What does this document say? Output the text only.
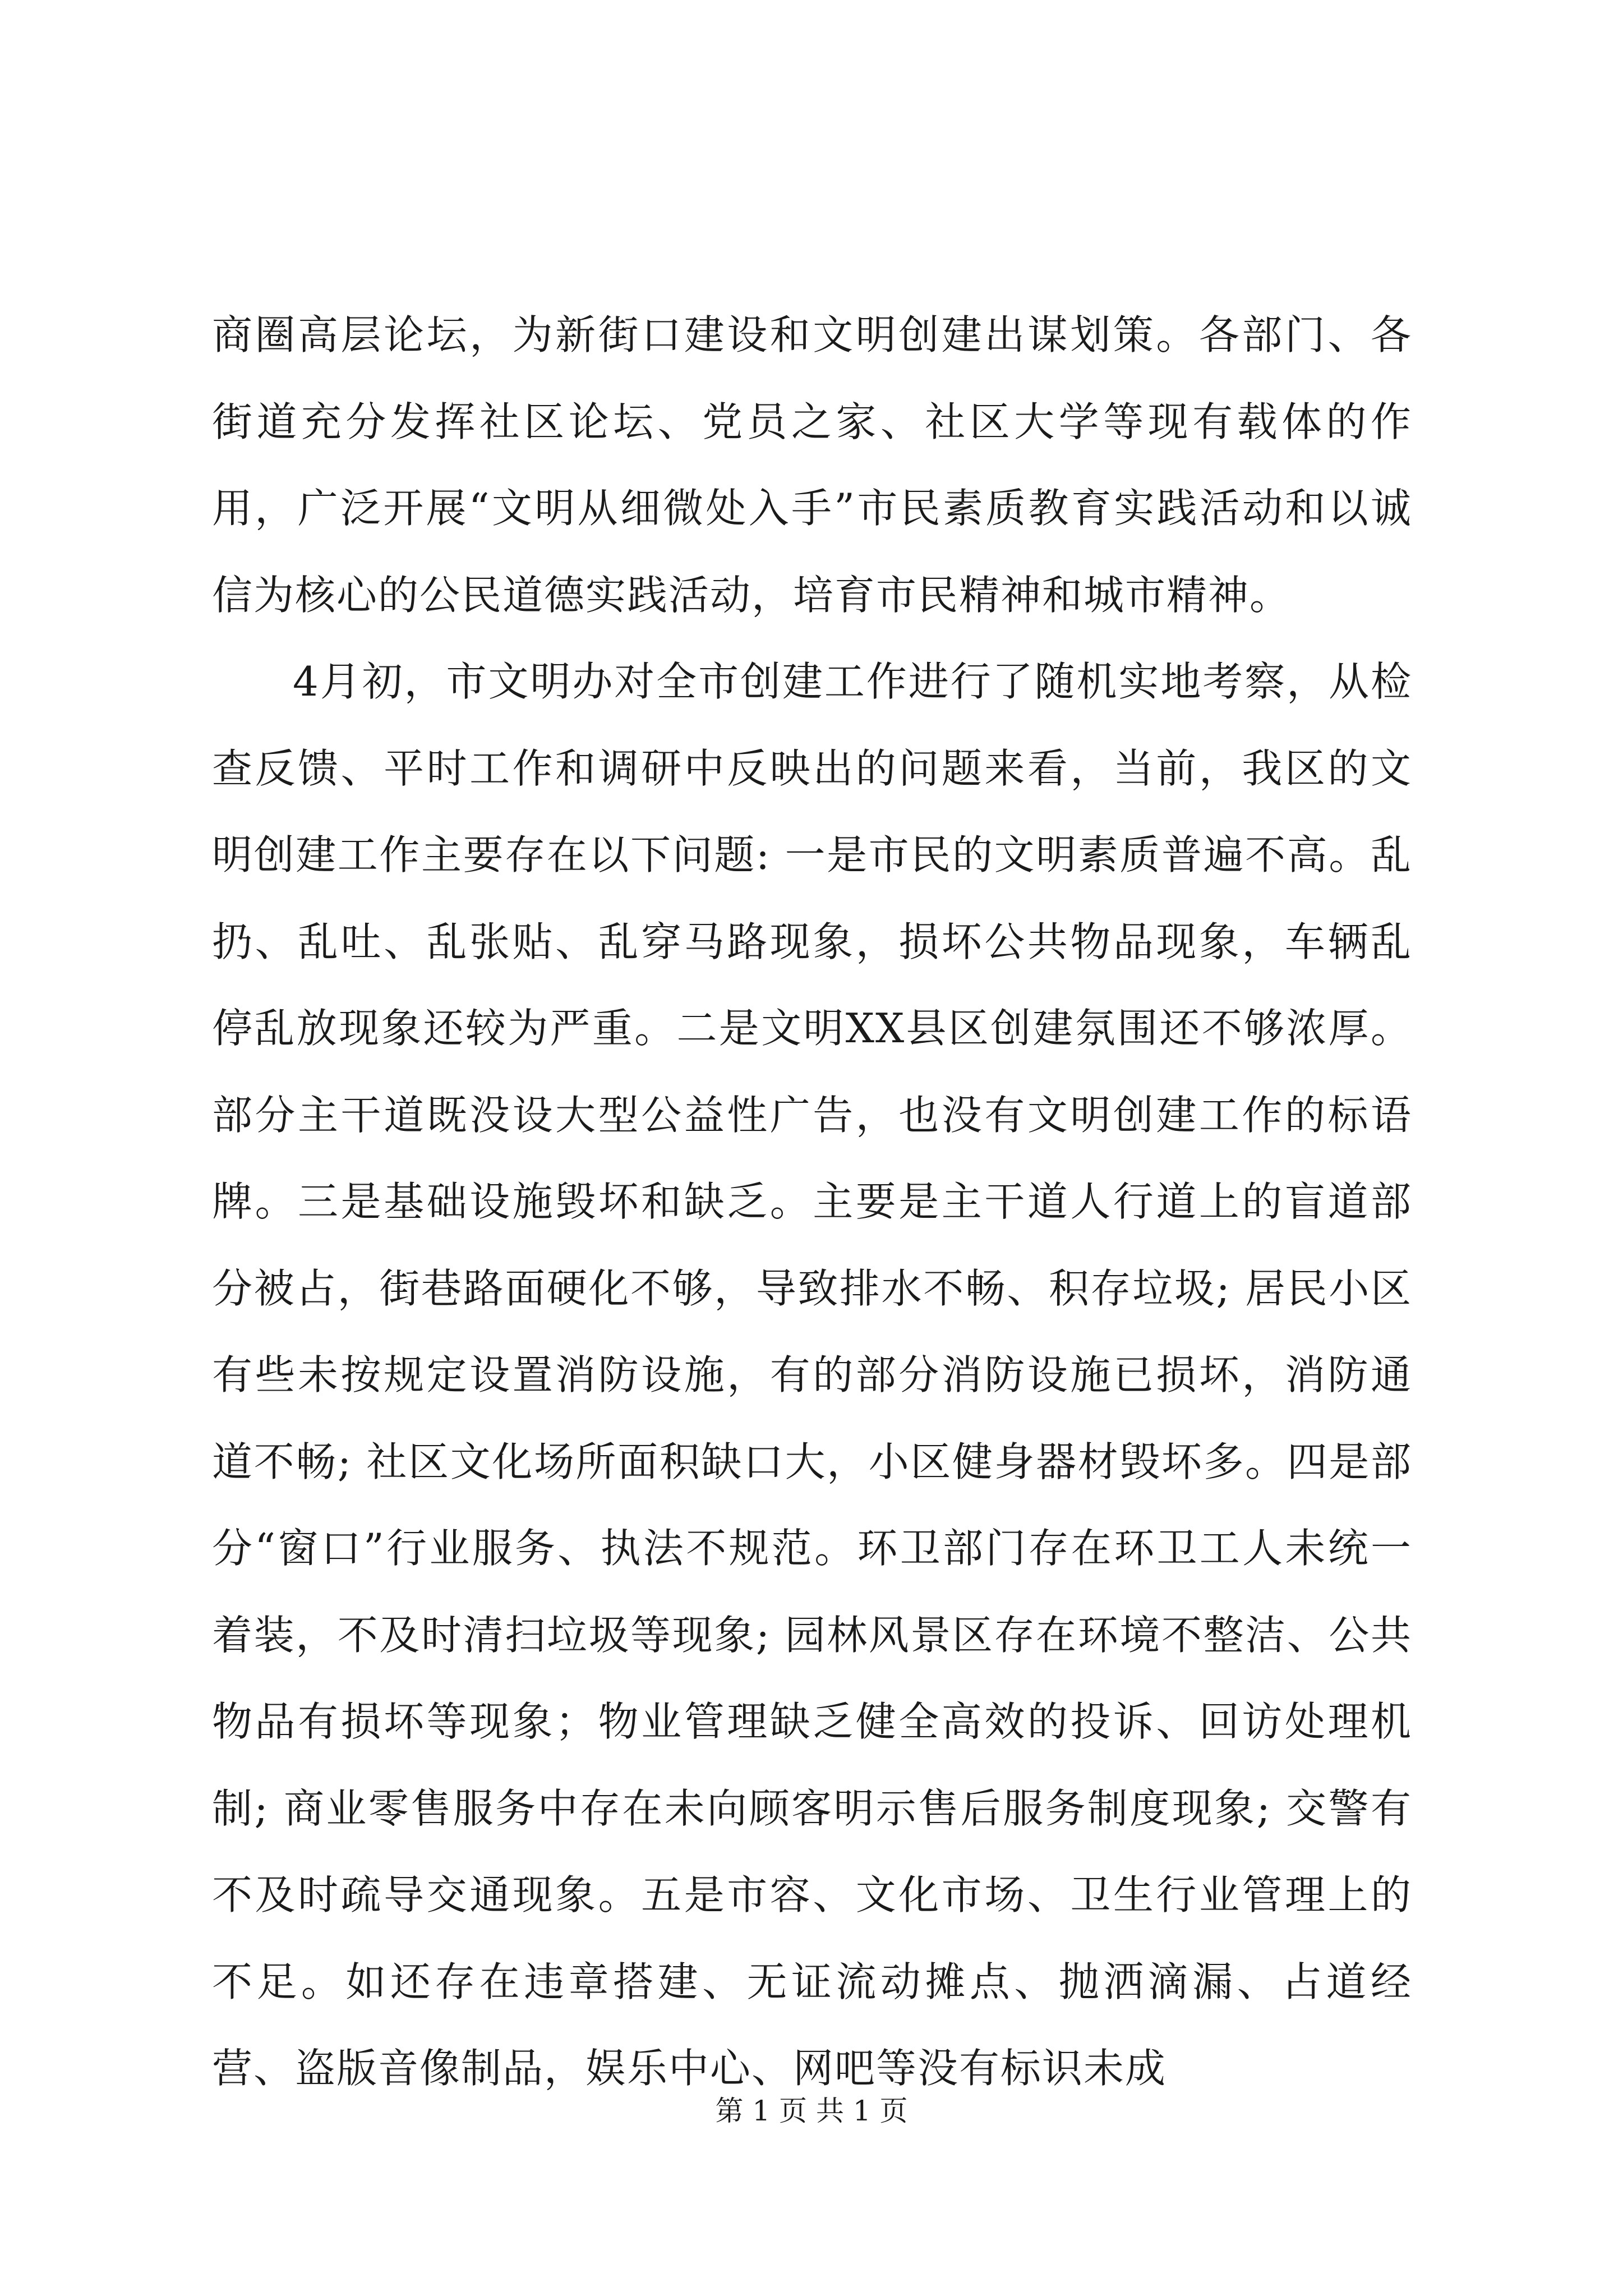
商圈高层论坛，为新街口建设和文明创建出谋划策。各部门、各街道充分发挥社区论坛、党员之家、社区大学等现有载体的作用，广泛开展“文明从细微处入手”市民素质教育实践活动和以诚信为核心的公民道德实践活动，培育市民精神和城市精神。

4月初，市文明办对全市创建工作进行了随机实地考察，从检查反馈、平时工作和调研中反映出的问题来看，当前，我区的文明创建工作主要存在以下问题: 一是市民的文明素质普遍不高。乱扔、乱吐、乱张贴、乱穿马路现象，损坏公共物品现象，车辆乱停乱放现象还较为严重。二是文明XX县区创建氛围还不够浓厚。部分主干道既没设大型公益性广告，也没有文明创建工作的标语牌。三是基础设施毁坏和缺乏。主要是主干道人行道上的盲道部分被占，街巷路面硬化不够，导致排水不畅、积存垃圾; 居民小区有些未按规定设置消防设施，有的部分消防设施已损坏，消防通道不畅; 社区文化场所面积缺口大，小区健身器材毁坏多。四是部分“窗口”行业服务、执法不规范。环卫部门存在环卫工人未统一着装，不及时清扫垃圾等现象; 园林风景区存在环境不整洁、公共物品有损坏等现象；物业管理缺乏健全高效的投诉、回访处理机制; 商业零售服务中存在未向顾客明示售后服务制度现象; 交警有不及时疏导交通现象。五是市容、文化市场、卫生行业管理上的不足。如还存在违章搭建、无证流动摊点、抛洒滴漏、占道经营、盗版音像制品，娱乐中心、网吧等没有标识未成

第 1 页 共 1 页
